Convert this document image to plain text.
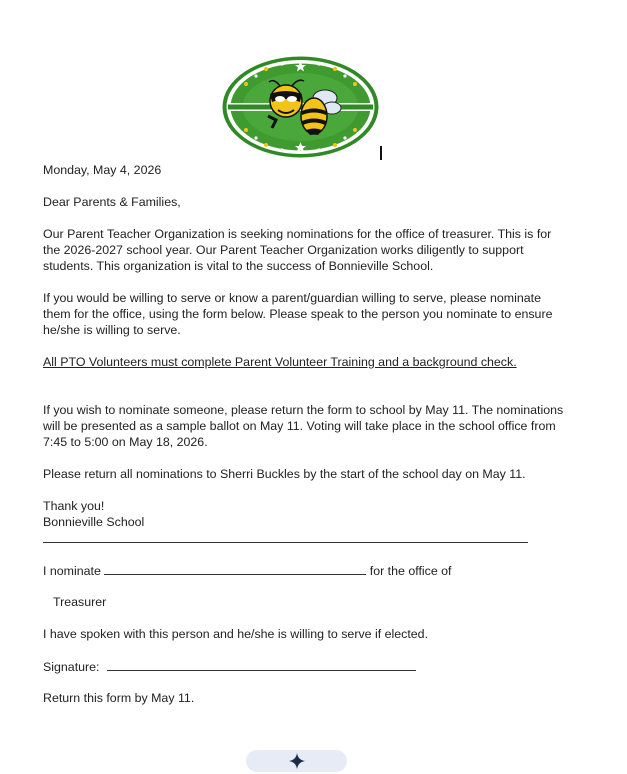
Monday, May 4, 2026
Dear Parents & Families,
Our Parent Teacher Organization is seeking nominations for the office of treasurer. This is for
the 2026-2027 school year. Our Parent Teacher Organization works diligently to support
students. This organization is vital to the success of Bonnieville School.
If you would be willing to serve or know a parent/guardian willing to serve, please nominate
them for the office, using the form below. Please speak to the person you nominate to ensure
he/she is willing to serve.
All PTO Volunteers must complete Parent Volunteer Training and a background check.
If you wish to nominate someone, please return the form to school by May 11. The nominations
will be presented as a sample ballot on May 11. Voting will take place in the school office from
7:45 to 5:00 on May 18, 2026.
Please return all nominations to Sherri Buckles by the start of the school day on May 11.
Thank you!
Bonnieville School
I nominate	for the office of
Treasurer
I have spoken with this person and he/she is willing to serve if elected.
Signature:
Return this form by May 11.
